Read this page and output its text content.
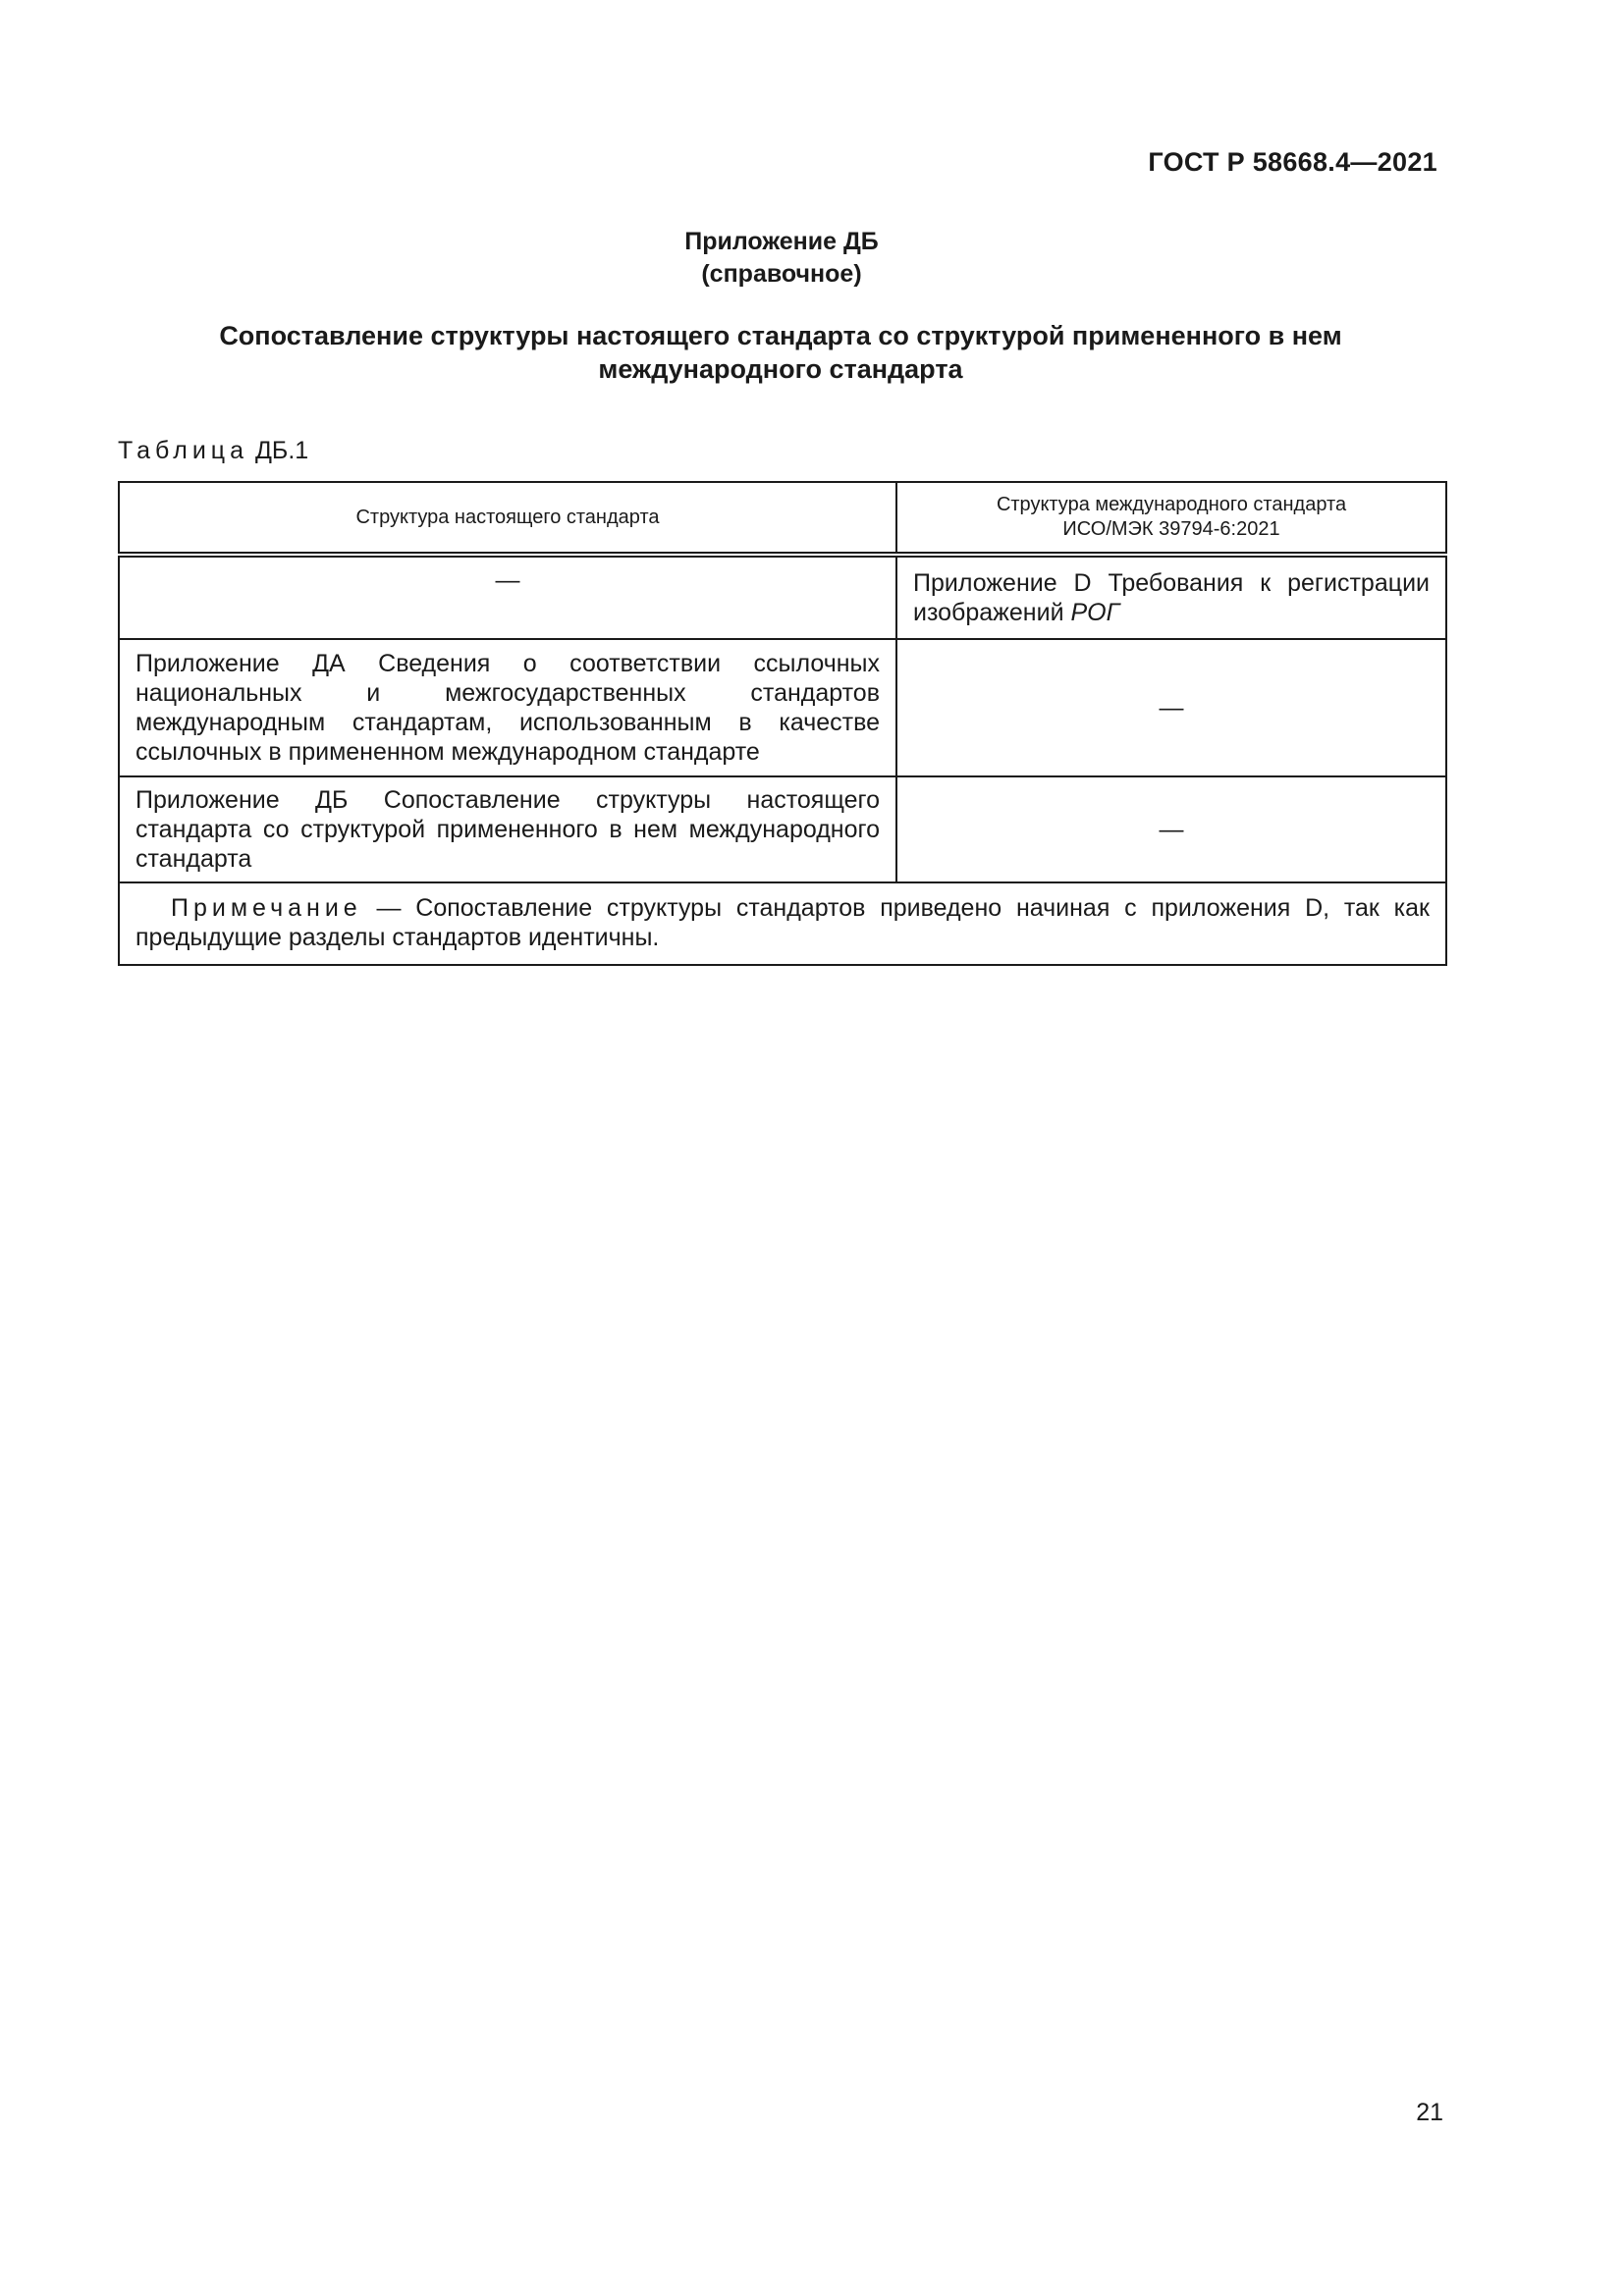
ГОСТ Р 58668.4—2021
Приложение ДБ
(справочное)
Сопоставление структуры настоящего стандарта со структурой примененного в нем
международного стандарта
Таблица ДБ.1
Структура настоящего стандарта	Структура международного стандарта
ИСО/МЭК 39794-6:2021

—	Приложение D Требования к регистрации изображений РОГ

Приложение ДА Сведения о соответствии ссылочных национальных и межгосударственных стандартов международным стандартам, использованным в качестве ссылочных в примененном международном стандарте	—

Приложение ДБ Сопоставление структуры настоящего стандарта со структурой примененного в нем международного стандарта	—

Примечание — Сопоставление структуры стандартов приведено начиная с приложения D, так как предыдущие разделы стандартов идентичны.	
21
